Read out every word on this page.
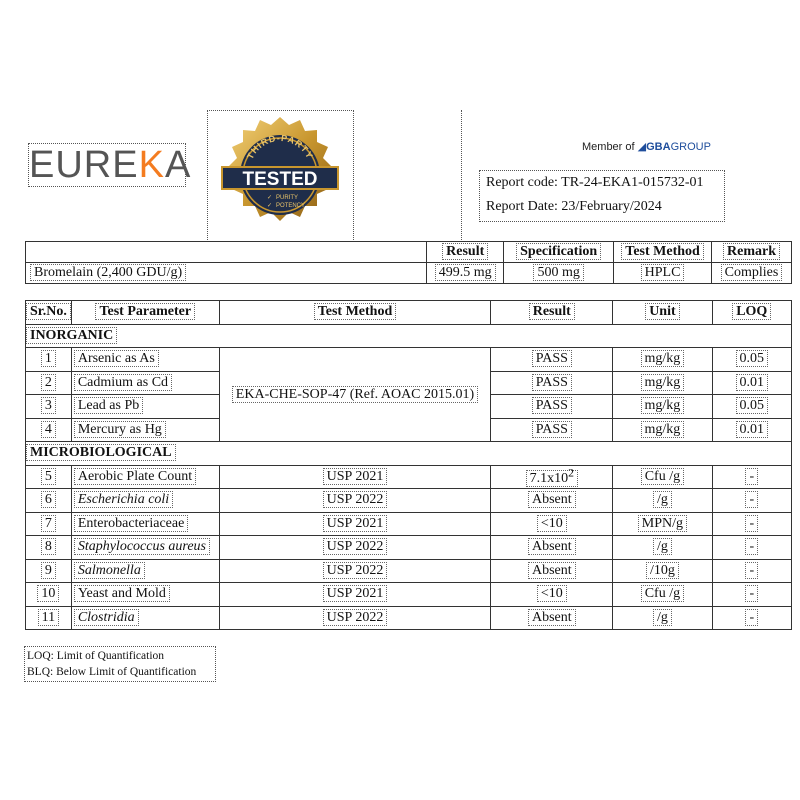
EUREKA	THIRD-PARTY
TESTED
PURITY
POTENCY
✓
✓
Member of ◢GBAGROUP
Report code: TR-24-EKA1-015732-01
Report Date: 23/February/2024
	Result	Specification	Test Method	Remark
Bromelain (2,400 GDU/g)	499.5 mg	500 mg	HPLC	Complies
Sr.No.	Test Parameter	Test Method	Result	Unit	LOQ
INORGANIC					
1	Arsenic as As	EKA-CHE-SOP-47 (Ref. AOAC 2015.01)	PASS	mg/kg	0.05
2	Cadmium as Cd		PASS	mg/kg	0.01
3	Lead as Pb		PASS	mg/kg	0.05
4	Mercury as Hg		PASS	mg/kg	0.01
MICROBIOLOGICAL					
5	Aerobic Plate Count	USP 2021	$7.1x10^2$	Cfu /g	-
6	Escherichia coli	USP 2022	Absent	/g	-
7	Enterobacteriaceae	USP 2021	<10	MPN/g	-
8	Staphylococcus aureus	USP 2022	Absent	/g	-
9	Salmonella	USP 2022	Absent	/10g	-
10	Yeast and Mold	USP 2021	<10	Cfu /g	-
11	Clostridia	USP 2022	Absent	/g	-
LOQ: Limit of Quantification
BLQ: Below Limit of Quantification
